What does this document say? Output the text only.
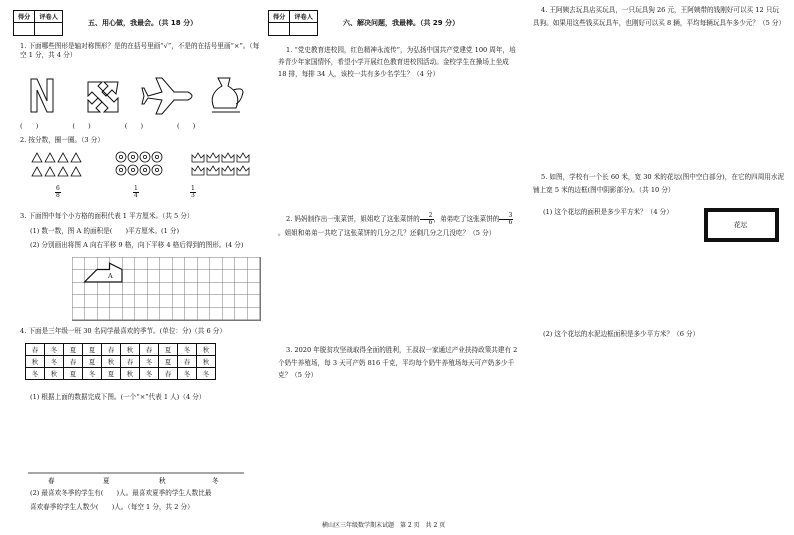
得分	评卷人

五、用心做，我最会。（共 18 分）
1. 下面哪些图形是轴对称图形？是的在括号里画“√”，不是的在括号里画“×”。（每空 1 分，共 4 分）
(　　)	(　　)	(　　)	(　　)
2. 按分数，圈一圈。（3 分）
$\frac{6}{8}$	$\frac{1}{4}$	$\frac{1}{3}$
3. 下面图中每个小方格的面积代表 1 平方厘米。（共 5 分）
(1) 数一数，图 A 的面积是(　　)平方厘米。(1 分)
(2) 分别画出将图 A 向右平移 9 格，向下平移 4 格后得到的图形。(4 分)
A
4. 下面是三年级一班 30 名同学最喜欢的季节。(单位：分)（共 6 分）
春	冬	夏	夏	春	秋	春	夏	冬	秋
秋	冬	春	夏	秋	春	冬	夏	春	秋
冬	秋	夏	冬	夏	秋	冬	春	冬	冬
(1) 根据上面的数据完成下图。(一个“×”代表 1 人)（4 分）
春	夏	秋	冬
(2) 最喜欢冬季的学生有(　　)人。最喜欢夏季的学生人数比最
喜欢春季的学生人数少(　　)人。（每空 1 分，共 2 分）
得分	评卷人

六、解决问题，我最棒。（共 29 分）
1. “党史教育进校园，红色精神永流传”，为弘扬中国共产党建党 100 周年，培养青少年家国情怀，希望小学开展红色教育进校园活动。金校学生在操场上坐成 18 排，每排 34 人，该校一共有多少名学生？（4 分）
2. 妈妈制作出一张菜饼，姐姐吃了这张菜饼的 $\frac{2}{6}$ ，弟弟吃了这张菜饼的 $\frac{3}{6}$
。姐姐和弟弟一共吃了这张菜饼的几分之几？还剩几分之几没吃？（5 分）
3. 2020 年脱贫攻坚战取得全面的胜利，王叔叔一家通过产业扶持政策共建有 2 个奶牛养殖场，每 3 天可产奶 816 千克，平均每个奶牛养殖场每天可产奶多少千克？（5 分）
横山区三年级数学期末试题　第 2 页　共 2 页
4. 王阿姨去玩具店买玩具，一只玩具狗 26 元，王阿姨带的钱刚好可以买 12 只玩具狗。如果用这些钱买玩具车，也刚好可以买 8 辆，平均每辆玩具车多少元？（5 分）
5. 如图，学校有一个长 60 米，宽 30 米的花坛(图中空白部分)，在它的四周用水泥铺上宽 5 米的边框(图中阴影部分)。（共 10 分）
(1) 这个花坛的面积是多少平方米？（4 分）
花坛
(2) 这个花坛的水泥边框面积是多少平方米？（6 分）
